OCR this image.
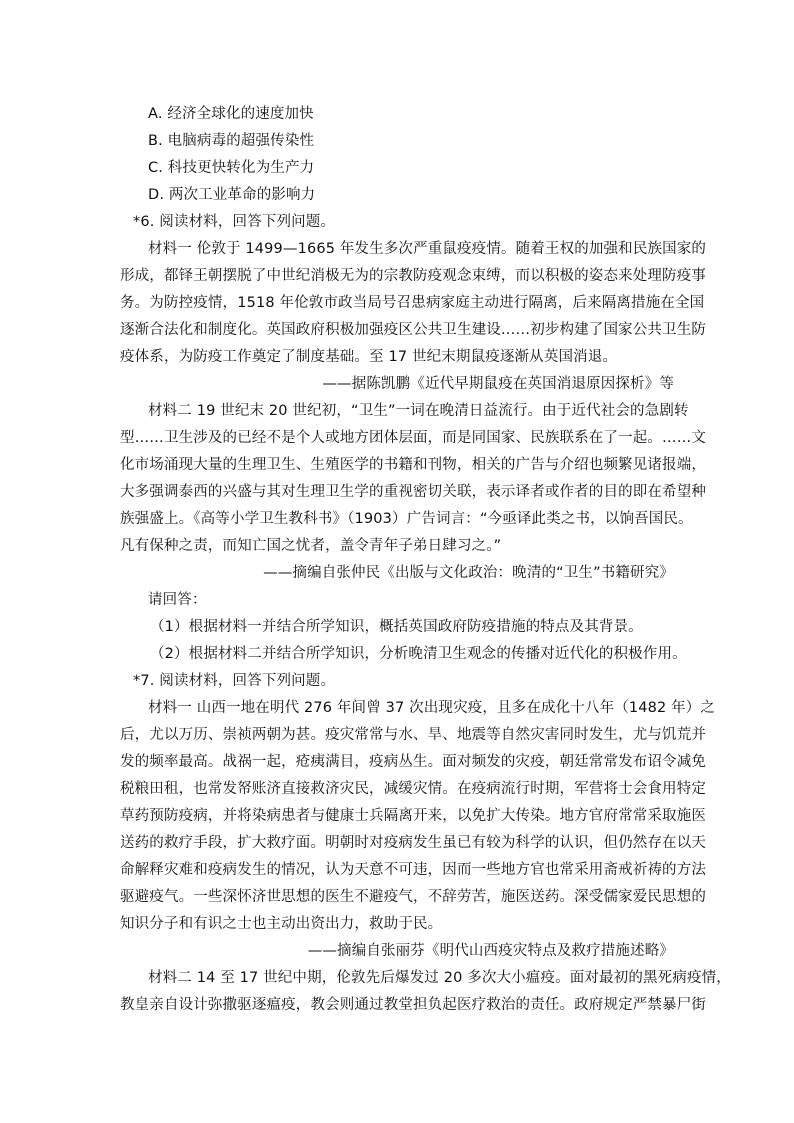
A. 经济全球化的速度加快
B. 电脑病毒的超强传染性
C. 科技更快转化为生产力
D. 两次工业革命的影响力
*6. 阅读材料，回答下列问题。
材料一 伦敦于 1499—1665 年发生多次严重鼠疫疫情。随着王权的加强和民族国家的
形成，都铎王朝摆脱了中世纪消极无为的宗教防疫观念束缚，而以积极的姿态来处理防疫事
务。为防控疫情，1518 年伦敦市政当局号召患病家庭主动进行隔离，后来隔离措施在全国
逐渐合法化和制度化。英国政府积极加强疫区公共卫生建设……初步构建了国家公共卫生防
疫体系，为防疫工作奠定了制度基础。至 17 世纪末期鼠疫逐渐从英国消退。
——据陈凯鹏《近代早期鼠疫在英国消退原因探析》等
材料二 19 世纪末 20 世纪初，“卫生”一词在晚清日益流行。由于近代社会的急剧转
型……卫生涉及的已经不是个人或地方团体层面，而是同国家、民族联系在了一起。……文
化市场涌现大量的生理卫生、生殖医学的书籍和刊物，相关的广告与介绍也频繁见诸报端，
大多强调泰西的兴盛与其对生理卫生学的重视密切关联，表示译者或作者的目的即在希望种
族强盛上。《高等小学卫生教科书》（1903）广告词言：“今亟译此类之书，以饷吾国民。
凡有保种之责，而知亡国之忧者，盖令青年子弟日肆习之。”
——摘编自张仲民《出版与文化政治：晚清的“卫生”书籍研究》
请回答：
（1）根据材料一并结合所学知识，概括英国政府防疫措施的特点及其背景。
（2）根据材料二并结合所学知识，分析晚清卫生观念的传播对近代化的积极作用。
*7. 阅读材料，回答下列问题。
材料一 山西一地在明代 276 年间曾 37 次出现灾疫，且多在成化十八年（1482 年）之
后，尤以万历、崇祯两朝为甚。疫灾常常与水、旱、地震等自然灾害同时发生，尤与饥荒并
发的频率最高。战祸一起，疮痍满目，疫病丛生。面对频发的灾疫，朝廷常常发布诏令减免
税粮田租，也常发帑账济直接救济灾民，减缓灾情。在疫病流行时期，军营将士会食用特定
草药预防疫病，并将染病患者与健康士兵隔离开来，以免扩大传染。地方官府常常采取施医
送药的救疗手段，扩大救疗面。明朝时对疫病发生虽已有较为科学的认识，但仍然存在以天
命解释灾难和疫病发生的情况，认为天意不可违，因而一些地方官也常采用斋戒祈祷的方法
驱避疫气。一些深怀济世思想的医生不避疫气，不辞劳苦，施医送药。深受儒家爱民思想的
知识分子和有识之士也主动出资出力，救助于民。
——摘编自张丽芬《明代山西疫灾特点及救疗措施述略》
材料二 14 至 17 世纪中期，伦敦先后爆发过 20 多次大小瘟疫。面对最初的黑死病疫情，
教皇亲自设计弥撒驱逐瘟疫，教会则通过教堂担负起医疗救治的责任。政府规定严禁暴尸街
